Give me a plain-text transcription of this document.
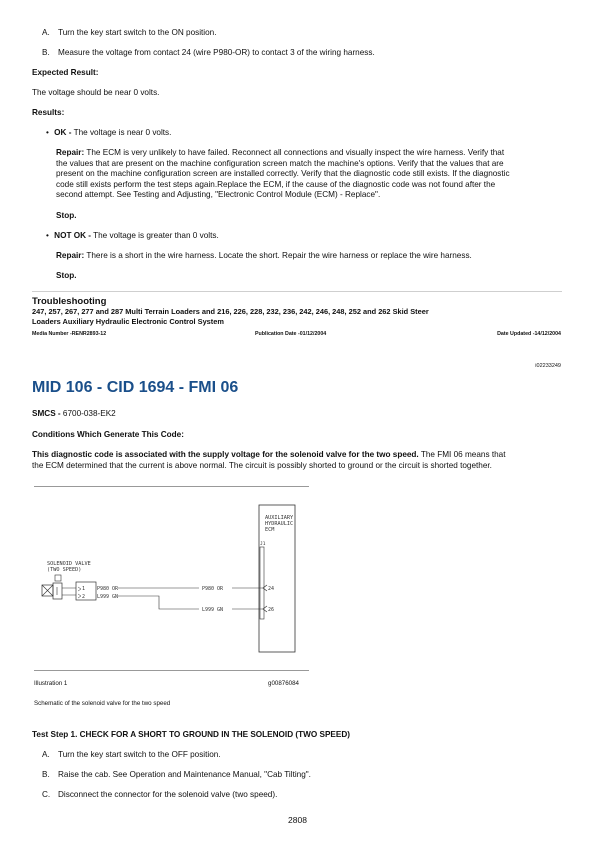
A. Turn the key start switch to the ON position.
B. Measure the voltage from contact 24 (wire P980-OR) to contact 3 of the wiring harness.
Expected Result:
The voltage should be near 0 volts.
Results:
• OK - The voltage is near 0 volts.
Repair: The ECM is very unlikely to have failed. Reconnect all connections and visually inspect the wire harness. Verify that
the values that are present on the machine configuration screen match the machine's options. Verify that the values that are
present on the machine configuration screen are installed correctly. Verify that the diagnostic code still exists. If the diagnostic
code still exists perform the test steps again.Replace the ECM, if the cause of the diagnostic code was not found after the
second attempt. See Testing and Adjusting, "Electronic Control Module (ECM) - Replace".
Stop.
• NOT OK - The voltage is greater than 0 volts.
Repair: There is a short in the wire harness. Locate the short. Repair the wire harness or replace the wire harness.
Stop.
Troubleshooting
247, 257, 267, 277 and 287 Multi Terrain Loaders and 216, 226, 228, 232, 236, 242, 246, 248, 252 and 262 Skid Steer
Loaders Auxiliary Hydraulic Electronic Control System
Media Number -RENR2893-12	Publication Date -01/12/2004	Date Updated -14/12/2004
i02233249
MID 106 - CID 1694 - FMI 06
SMCS - 6700-038-EK2
Conditions Which Generate This Code:
This diagnostic code is associated with the supply voltage for the solenoid valve for the two speed. The FMI 06 means that
the ECM determined that the current is above normal. The circuit is possibly shorted to ground or the circuit is shorted together.
AUXILIARY
HYDRAULIC
ECM
J1
24
26
SOLENOID VALVE
(TWO SPEED)
1
2
P980 OR
L999 GN
P980 OR
L999 GN
Illustration 1	g00876084
Schematic of the solenoid valve for the two speed
Test Step 1. CHECK FOR A SHORT TO GROUND IN THE SOLENOID (TWO SPEED)
A. Turn the key start switch to the OFF position.
B. Raise the cab. See Operation and Maintenance Manual, "Cab Tilting".
C. Disconnect the connector for the solenoid valve (two speed).
2808
